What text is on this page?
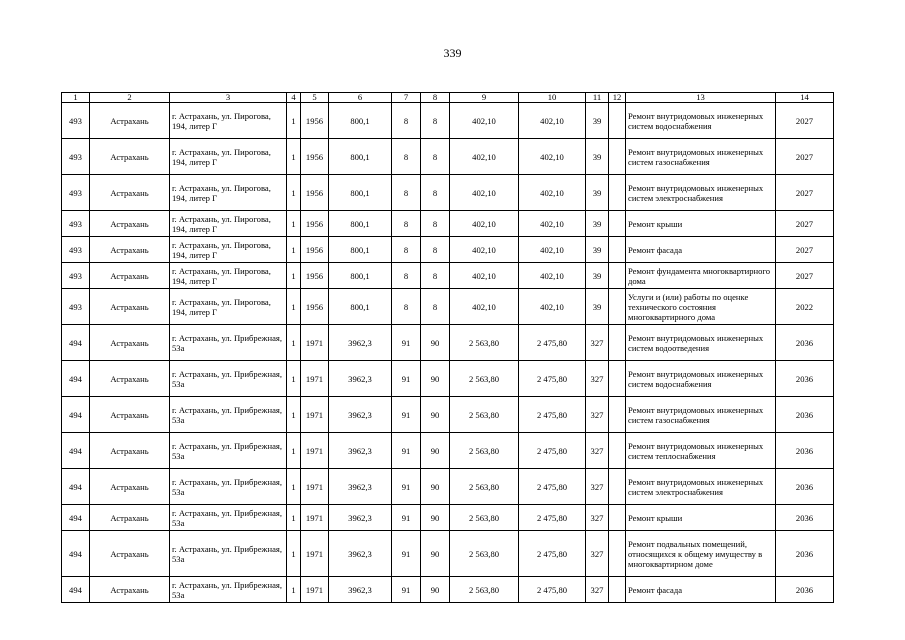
339
1	2	3	4	5	6	7	8	9	10	11	12	13	14
493	Астрахань	г. Астрахань, ул. Пирогова, 194, литер Г	1	1956	800,1	8	8	402,10	402,10	39		Ремонт внутридомовых инженерных систем водоснабжения	2027
493	Астрахань	г. Астрахань, ул. Пирогова, 194, литер Г	1	1956	800,1	8	8	402,10	402,10	39		Ремонт внутридомовых инженерных систем газоснабжения	2027
493	Астрахань	г. Астрахань, ул. Пирогова, 194, литер Г	1	1956	800,1	8	8	402,10	402,10	39		Ремонт внутридомовых инженерных систем электроснабжения	2027
493	Астрахань	г. Астрахань, ул. Пирогова, 194, литер Г	1	1956	800,1	8	8	402,10	402,10	39		Ремонт крыши	2027
493	Астрахань	г. Астрахань, ул. Пирогова, 194, литер Г	1	1956	800,1	8	8	402,10	402,10	39		Ремонт фасада	2027
493	Астрахань	г. Астрахань, ул. Пирогова, 194, литер Г	1	1956	800,1	8	8	402,10	402,10	39		Ремонт фундамента многоквартирного дома	2027
493	Астрахань	г. Астрахань, ул. Пирогова, 194, литер Г	1	1956	800,1	8	8	402,10	402,10	39		Услуги и (или) работы по оценке технического состояния многоквартирного дома	2022
494	Астрахань	г. Астрахань, ул. Прибрежная, 53а	1	1971	3962,3	91	90	2 563,80	2 475,80	327		Ремонт внутридомовых инженерных систем водоотведения	2036
494	Астрахань	г. Астрахань, ул. Прибрежная, 53а	1	1971	3962,3	91	90	2 563,80	2 475,80	327		Ремонт внутридомовых инженерных систем водоснабжения	2036
494	Астрахань	г. Астрахань, ул. Прибрежная, 53а	1	1971	3962,3	91	90	2 563,80	2 475,80	327		Ремонт внутридомовых инженерных систем газоснабжения	2036
494	Астрахань	г. Астрахань, ул. Прибрежная, 53а	1	1971	3962,3	91	90	2 563,80	2 475,80	327		Ремонт внутридомовых инженерных систем теплоснабжения	2036
494	Астрахань	г. Астрахань, ул. Прибрежная, 53а	1	1971	3962,3	91	90	2 563,80	2 475,80	327		Ремонт внутридомовых инженерных систем электроснабжения	2036
494	Астрахань	г. Астрахань, ул. Прибрежная, 53а	1	1971	3962,3	91	90	2 563,80	2 475,80	327		Ремонт крыши	2036
494	Астрахань	г. Астрахань, ул. Прибрежная, 53а	1	1971	3962,3	91	90	2 563,80	2 475,80	327		Ремонт подвальных помещений, относящихся к общему имуществу в многоквартирном доме	2036
494	Астрахань	г. Астрахань, ул. Прибрежная, 53а	1	1971	3962,3	91	90	2 563,80	2 475,80	327		Ремонт фасада	2036
